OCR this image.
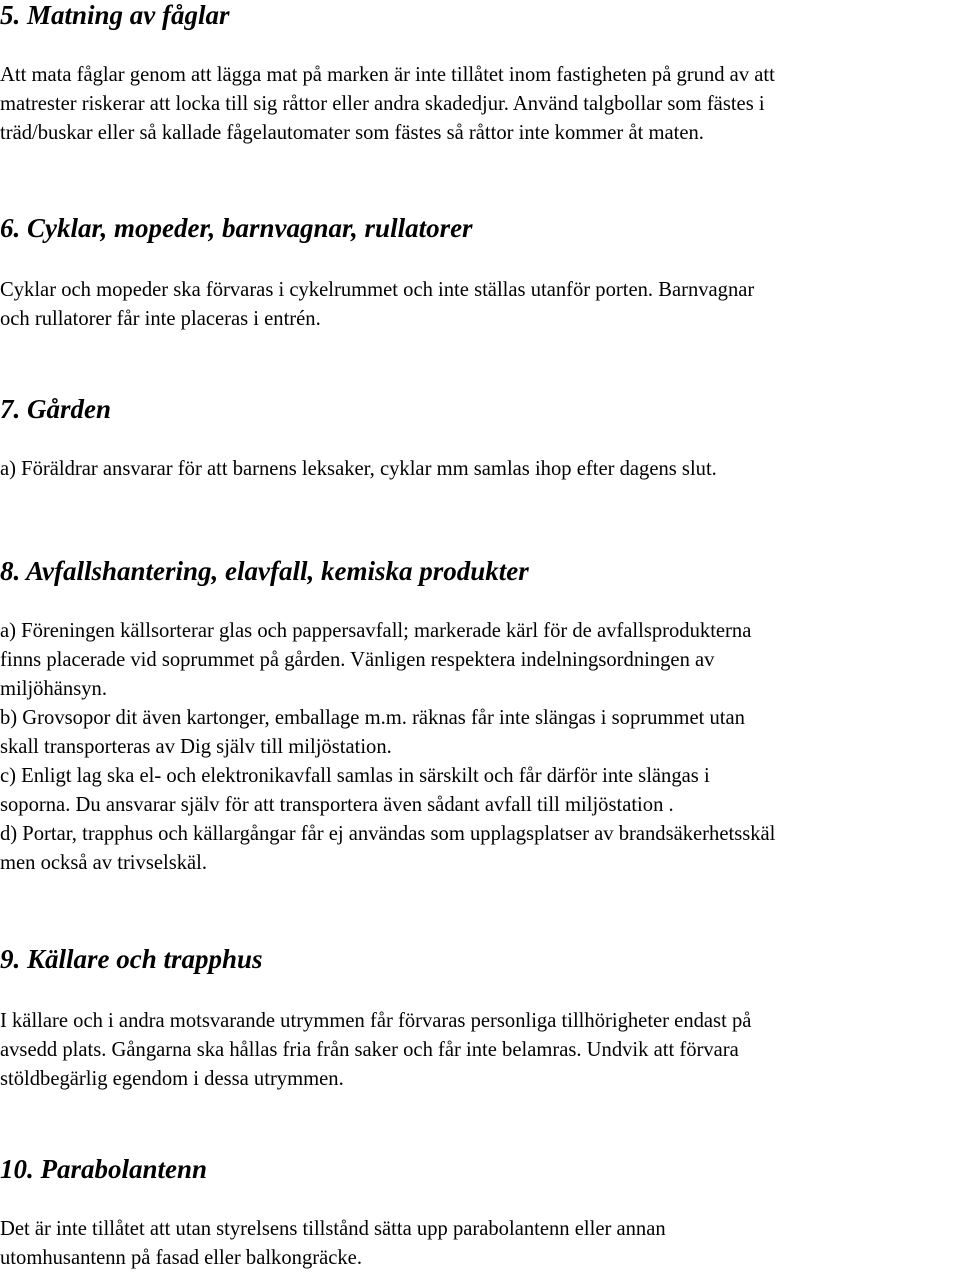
5. Matning av fåglar
Att mata fåglar genom att lägga mat på marken är inte tillåtet inom fastigheten på grund av att
matrester riskerar att locka till sig råttor eller andra skadedjur. Använd talgbollar som fästes i
träd/buskar eller så kallade fågelautomater som fästes så råttor inte kommer åt maten.
6. Cyklar, mopeder, barnvagnar, rullatorer
Cyklar och mopeder ska förvaras i cykelrummet och inte ställas utanför porten. Barnvagnar
och rullatorer får inte placeras i entrén.
7. Gården
a) Föräldrar ansvarar för att barnens leksaker, cyklar mm samlas ihop efter dagens slut.
8. Avfallshantering, elavfall, kemiska produkter
a) Föreningen källsorterar glas och pappersavfall; markerade kärl för de avfallsprodukterna
finns placerade vid soprummet på gården. Vänligen respektera indelningsordningen av
miljöhänsyn.
b) Grovsopor dit även kartonger, emballage m.m. räknas får inte slängas i soprummet utan
skall transporteras av Dig själv till miljöstation.
c) Enligt lag ska el- och elektronikavfall samlas in särskilt och får därför inte slängas i
soporna. Du ansvarar själv för att transportera även sådant avfall till miljöstation .
d) Portar, trapphus och källargångar får ej användas som upplagsplatser av brandsäkerhetsskäl
men också av trivselskäl.
9. Källare och trapphus
I källare och i andra motsvarande utrymmen får förvaras personliga tillhörigheter endast på
avsedd plats. Gångarna ska hållas fria från saker och får inte belamras. Undvik att förvara
stöldbegärlig egendom i dessa utrymmen.
10. Parabolantenn
Det är inte tillåtet att utan styrelsens tillstånd sätta upp parabolantenn eller annan
utomhusantenn på fasad eller balkongräcke.
